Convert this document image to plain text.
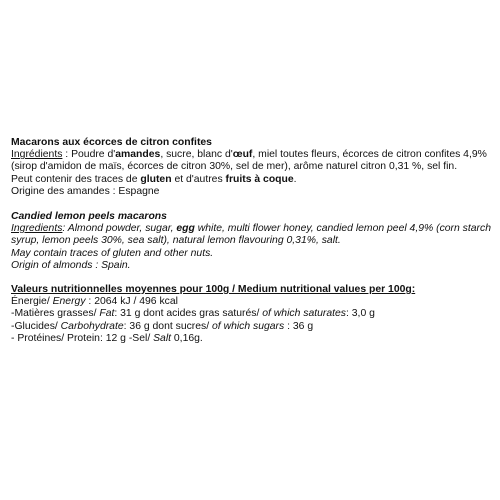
Macarons aux écorces de citron confites

Ingrédients : Poudre d'amandes, sucre, blanc d'œuf, miel toutes fleurs, écorces de citron confites 4,9% (sirop d'amidon de maïs, écorces de citron 30%, sel de mer), arôme naturel citron 0,31 %, sel fin.

Peut contenir des traces de gluten et d'autres fruits à coque.

Origine des amandes : Espagne

Candied lemon peels macarons

Ingredients: Almond powder, sugar, egg white, multi flower honey, candied lemon peel 4,9% (corn starch syrup, lemon peels 30%, sea salt), natural lemon flavouring 0,31%, salt.

May contain traces of gluten and other nuts.

Origin of almonds : Spain.

Valeurs nutritionnelles moyennes pour 100g / Medium nutritional values per 100g:

Énergie/ Energy : 2064 kJ / 496 kcal

-Matières grasses/ Fat: 31 g dont acides gras saturés/ of which saturates: 3,0 g

-Glucides/ Carbohydrate: 36 g dont sucres/ of which sugars : 36 g

- Protéines/ Protein: 12 g -Sel/ Salt 0,16g.
